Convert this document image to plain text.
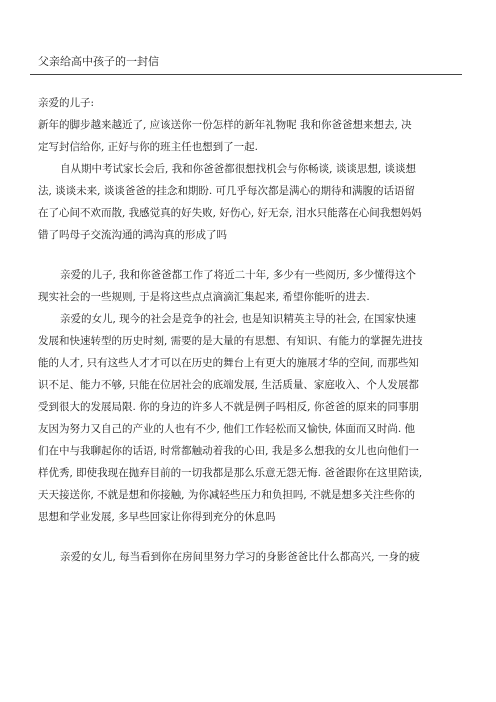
父亲给高中孩子的一封信
亲爱的儿子:
新年的脚步越来越近了, 应该送你一份怎样的新年礼物呢 我和你爸爸想来想去, 决
定写封信给你, 正好与你的班主任也想到了一起.
自从期中考试家长会后, 我和你爸爸都很想找机会与你畅谈, 谈谈思想, 谈谈想
法, 谈谈未来, 谈谈爸爸的挂念和期盼. 可几乎每次都是满心的期待和满腹的话语留
在了心间不欢而散, 我感觉真的好失败, 好伤心, 好无奈, 泪水只能落在心间我想妈妈
错了吗母子交流沟通的鸿沟真的形成了吗
亲爱的儿子, 我和你爸爸都工作了将近二十年, 多少有一些阅历, 多少懂得这个
现实社会的一些规则, 于是将这些点点滴滴汇集起来, 希望你能听的进去.
亲爱的女儿, 现今的社会是竞争的社会, 也是知识精英主导的社会, 在国家快速
发展和快速转型的历史时刻, 需要的是大量的有思想、有知识、有能力的掌握先进技
能的人才, 只有这些人才才可以在历史的舞台上有更大的施展才华的空间, 而那些知
识不足、能力不够, 只能在位居社会的底端发展, 生活质量、家庭收入、个人发展都
受到很大的发展局限. 你的身边的许多人不就是例子吗相反, 你爸爸的原来的同事朋
友因为努力又自己的产业的人也有不少, 他们工作轻松而又愉快, 体面而又时尚. 他
们在中与我聊起你的话语, 时常都触动着我的心田, 我是多么想我的女儿也向他们一
样优秀, 即使我现在抛弃目前的一切我都是那么乐意无怨无悔. 爸爸跟你在这里陪读,
天天接送你, 不就是想和你接触, 为你减轻些压力和负担吗, 不就是想多关注些你的
思想和学业发展, 多早些回家让你得到充分的休息吗
亲爱的女儿, 每当看到你在房间里努力学习的身影爸爸比什么都高兴, 一身的疲
